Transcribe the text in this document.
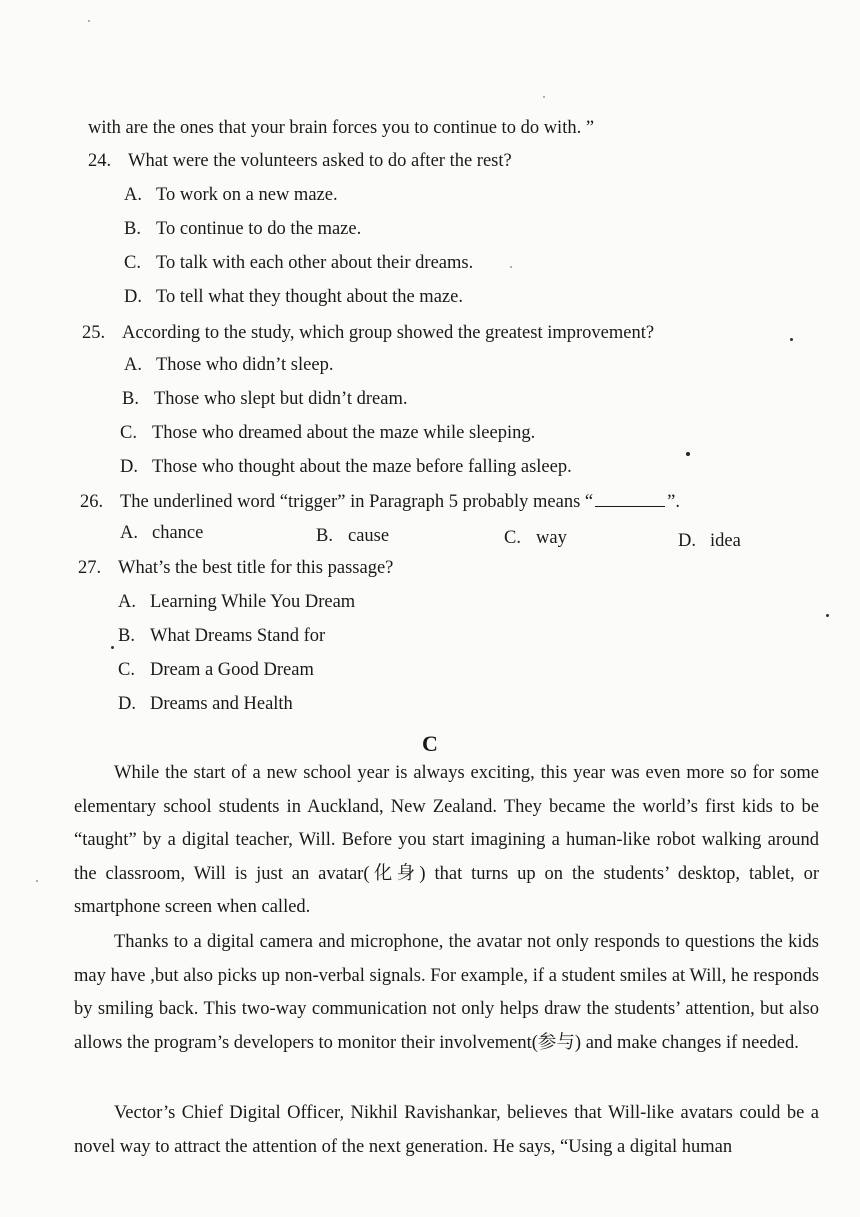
with are the ones that your brain forces you to continue to do with. ”
24. What were the volunteers asked to do after the rest?
A. To work on a new maze.
B. To continue to do the maze.
C. To talk with each other about their dreams.
D. To tell what they thought about the maze.
25. According to the study, which group showed the greatest improvement?
A. Those who didn’t sleep.
B. Those who slept but didn’t dream.
C. Those who dreamed about the maze while sleeping.
D. Those who thought about the maze before falling asleep.
26. The underlined word “trigger” in Paragraph 5 probably means “	”.
A. chance	B. cause	C. way	D. idea
27. What’s the best title for this passage?
A. Learning While You Dream
B. What Dreams Stand for
C. Dream a Good Dream
D. Dreams and Health
C
While the start of a new school year is always exciting, this year was even more so for some elementary school students in Auckland, New Zealand. They became the world’s first kids to be “taught” by a digital teacher, Will. Before you start imagining a human-like robot walking around the classroom, Will is just an avatar(化身) that turns up on the students’ desktop, tablet, or smartphone screen when called.
Thanks to a digital camera and microphone, the avatar not only responds to questions the kids may have ,but also picks up non-verbal signals. For example, if a student smiles at Will, he responds by smiling back. This two-way communication not only helps draw the students’ attention, but also allows the program’s developers to monitor their involvement(参与) and make changes if needed.
Vector’s Chief Digital Officer, Nikhil Ravishankar, believes that Will-like avatars could be a novel way to attract the attention of the next generation. He says, “Using a digital human
